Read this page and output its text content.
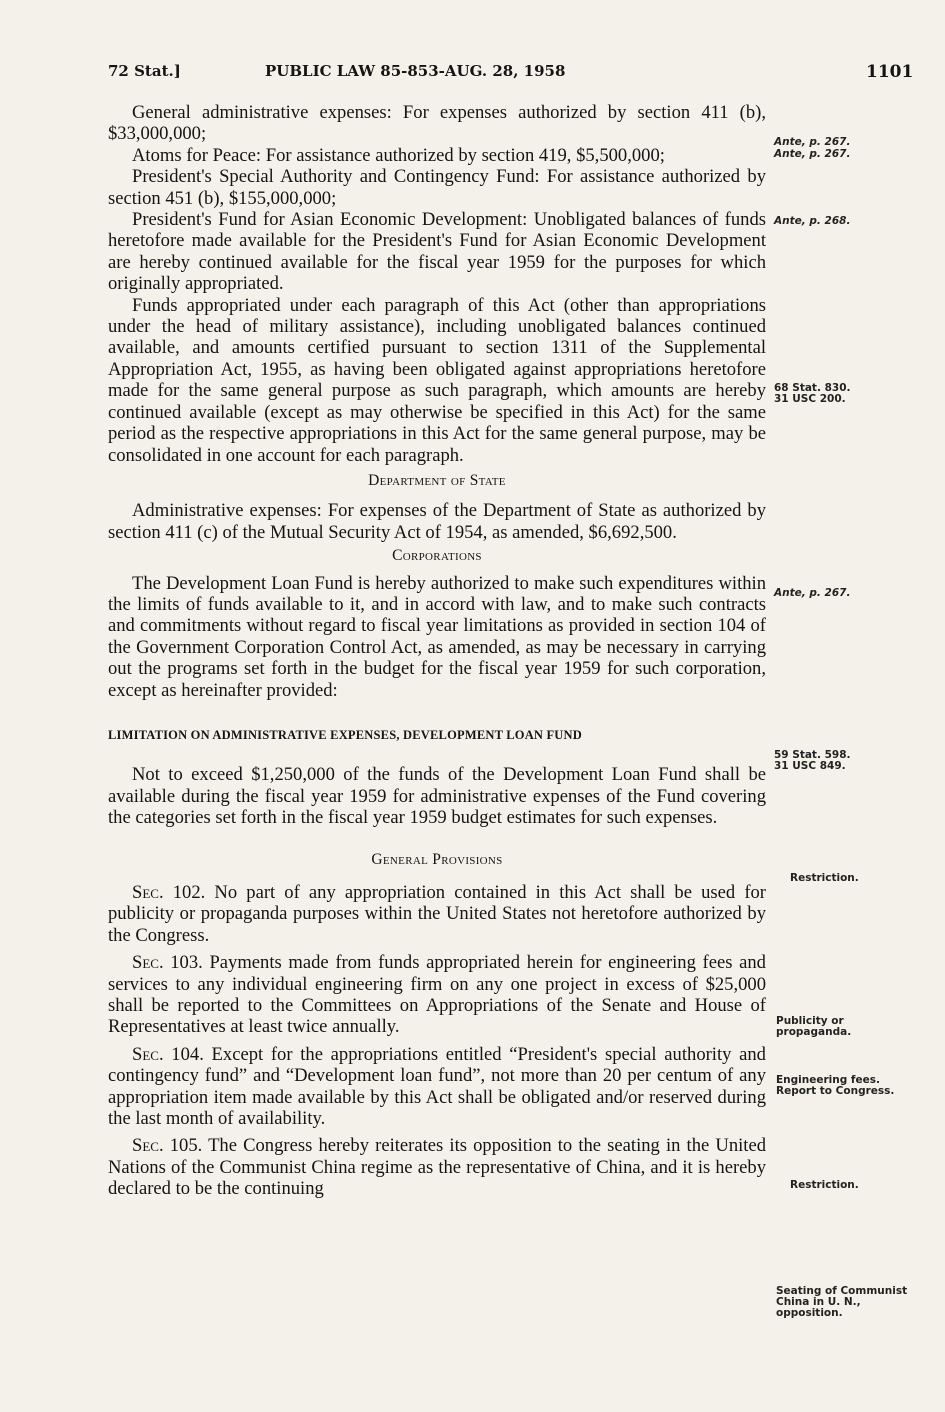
72 Stat.]	PUBLIC LAW 85-853-AUG. 28, 1958	1101

General administrative expenses: For expenses authorized by section 411 (b), $33,000,000;

Atoms for Peace: For assistance authorized by section 419, $5,500,000;

President's Special Authority and Contingency Fund: For assistance authorized by section 451 (b), $155,000,000;

President's Fund for Asian Economic Development: Unobligated balances of funds heretofore made available for the President's Fund for Asian Economic Development are hereby continued available for the fiscal year 1959 for the purposes for which originally appropriated.

Funds appropriated under each paragraph of this Act (other than appropriations under the head of military assistance), including unobligated balances continued available, and amounts certified pursuant to section 1311 of the Supplemental Appropriation Act, 1955, as having been obligated against appropriations heretofore made for the same general purpose as such paragraph, which amounts are hereby continued available (except as may otherwise be specified in this Act) for the same period as the respective appropriations in this Act for the same general purpose, may be consolidated in one account for each paragraph.

Department of State

Administrative expenses: For expenses of the Department of State as authorized by section 411 (c) of the Mutual Security Act of 1954, as amended, $6,692,500.

Corporations

The Development Loan Fund is hereby authorized to make such expenditures within the limits of funds available to it, and in accord with law, and to make such contracts and commitments without regard to fiscal year limitations as provided in section 104 of the Government Corporation Control Act, as amended, as may be necessary in carrying out the programs set forth in the budget for the fiscal year 1959 for such corporation, except as hereinafter provided:

LIMITATION ON ADMINISTRATIVE EXPENSES, DEVELOPMENT LOAN FUND

Not to exceed $1,250,000 of the funds of the Development Loan Fund shall be available during the fiscal year 1959 for administrative expenses of the Fund covering the categories set forth in the fiscal year 1959 budget estimates for such expenses.

General Provisions

Sec. 102. No part of any appropriation contained in this Act shall be used for publicity or propaganda purposes within the United States not heretofore authorized by the Congress.

Sec. 103. Payments made from funds appropriated herein for engineering fees and services to any individual engineering firm on any one project in excess of $25,000 shall be reported to the Committees on Appropriations of the Senate and House of Representatives at least twice annually.

Sec. 104. Except for the appropriations entitled “President's special authority and contingency fund” and “Development loan fund”, not more than 20 per centum of any appropriation item made available by this Act shall be obligated and/or reserved during the last month of availability.

Sec. 105. The Congress hereby reiterates its opposition to the seating in the United Nations of the Communist China regime as the representative of China, and it is hereby declared to be the continuing

Ante, p. 267.
Ante, p. 267.
Ante, p. 268.
68 Stat. 830.
31 USC 200.
Ante, p. 267.
59 Stat. 598.
31 USC 849.
Restriction.
Publicity or propaganda.
Engineering fees.
Report to Congress.
Restriction.
Seating of Communist China in U. N., opposition.
